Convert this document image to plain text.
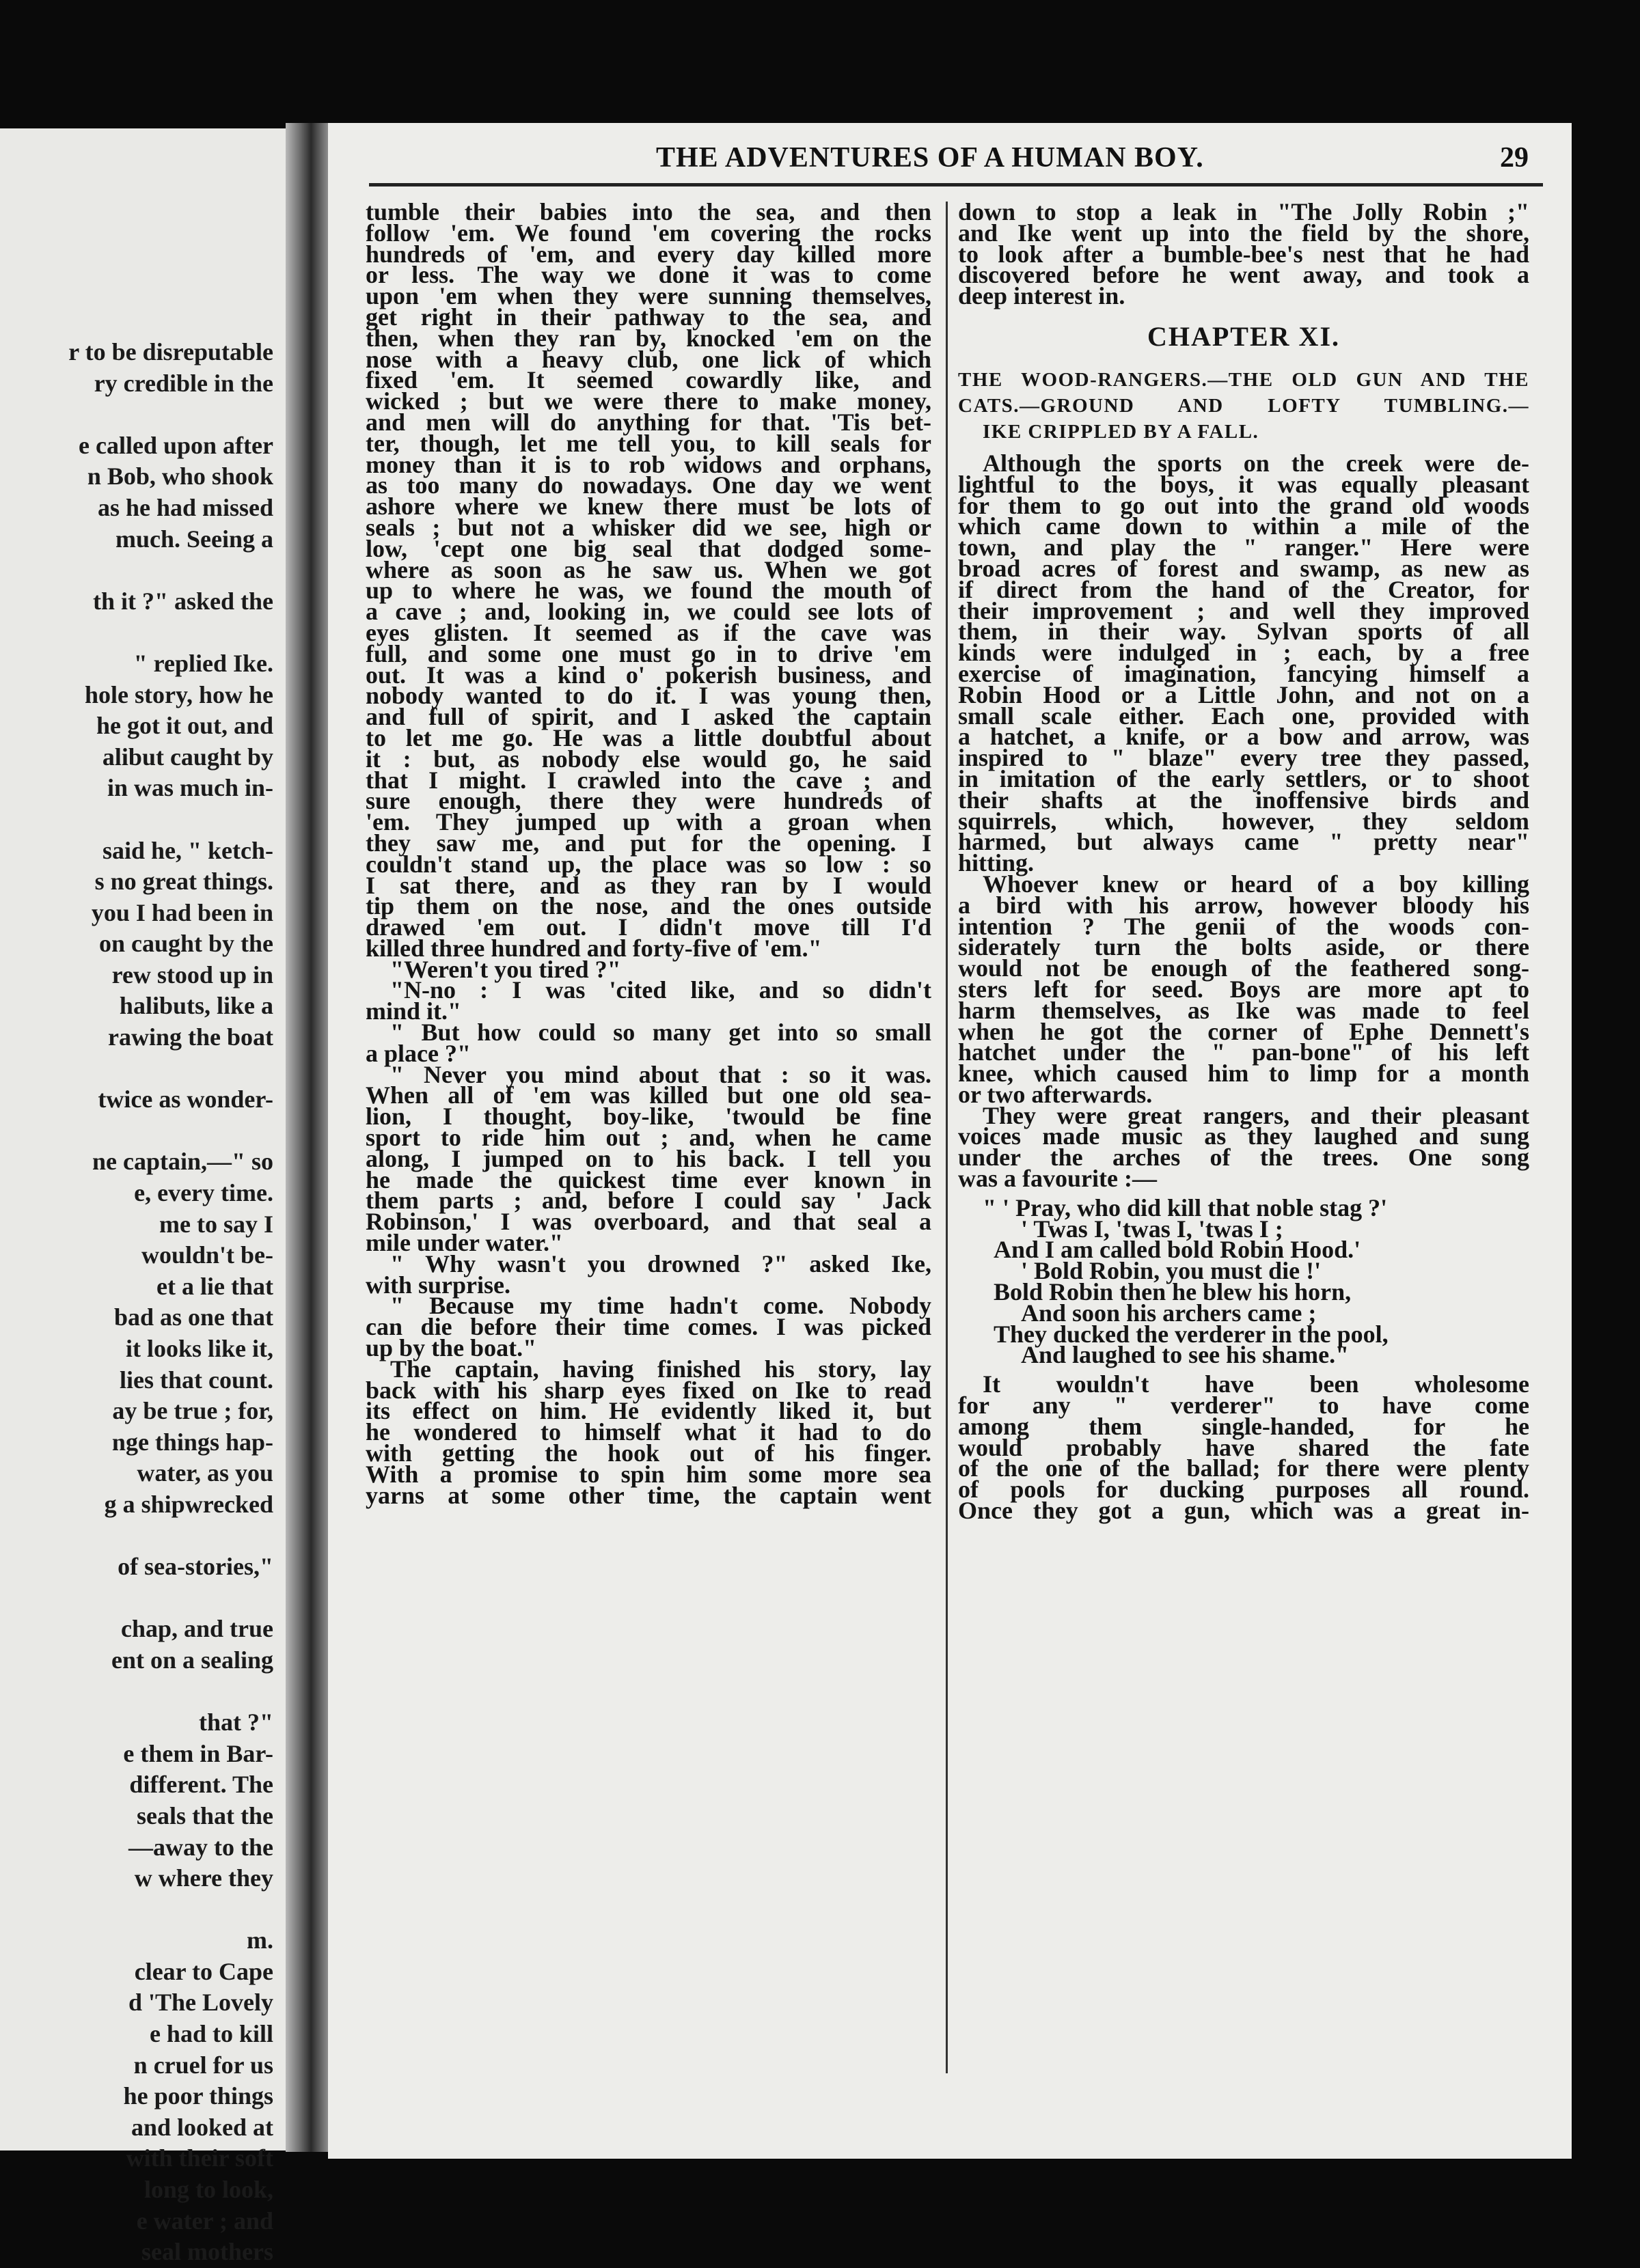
r to be disreputable
ry credible in the
e called upon after
n Bob, who shook
as he had missed
much. Seeing a
th it ?" asked the
" replied Ike.
hole story, how he
he got it out, and
alibut caught by
in was much in-
said he, " ketch-
s no great things.
you I had been in
on caught by the
rew stood up in
halibuts, like a
rawing the boat
twice as wonder-
ne captain,—" so
e, every time.
me to say I
wouldn't be-
et a lie that
bad as one that
it looks like it,
lies that count.
ay be true ; for,
nge things hap-
water, as you
g a shipwrecked
of sea-stories,"
chap, and true
ent on a sealing
that ?"
e them in Bar-
different. The
seals that the
—away to the
w where they
m.
clear to Cape
d 'The Lovely
e had to kill
n cruel for us
he poor things
and looked at
with their soft
long to look,
e water ; and
seal mothers
THE ADVENTURES OF A HUMAN BOY.	29
tumble their babies into the sea, and then
follow 'em. We found 'em covering the rocks
hundreds of 'em, and every day killed more
or less. The way we done it was to come
upon 'em when they were sunning themselves,
get right in their pathway to the sea, and
then, when they ran by, knocked 'em on the
nose with a heavy club, one lick of which
fixed 'em. It seemed cowardly like, and
wicked ; but we were there to make money,
and men will do anything for that. 'Tis bet-
ter, though, let me tell you, to kill seals for
money than it is to rob widows and orphans,
as too many do nowadays. One day we went
ashore where we knew there must be lots of
seals ; but not a whisker did we see, high or
low, 'cept one big seal that dodged some-
where as soon as he saw us. When we got
up to where he was, we found the mouth of
a cave ; and, looking in, we could see lots of
eyes glisten. It seemed as if the cave was
full, and some one must go in to drive 'em
out. It was a kind o' pokerish business, and
nobody wanted to do it. I was young then,
and full of spirit, and I asked the captain
to let me go. He was a little doubtful about
it : but, as nobody else would go, he said
that I might. I crawled into the cave ; and
sure enough, there they were hundreds of
'em. They jumped up with a groan when
they saw me, and put for the opening. I
couldn't stand up, the place was so low : so
I sat there, and as they ran by I would
tip them on the nose, and the ones outside
drawed 'em out. I didn't move till I'd
killed three hundred and forty-five of 'em."
"Weren't you tired ?"
"N-no : I was 'cited like, and so didn't
mind it."
" But how could so many get into so small
a place ?"
" Never you mind about that : so it was.
When all of 'em was killed but one old sea-
lion, I thought, boy-like, 'twould be fine
sport to ride him out ; and, when he came
along, I jumped on to his back. I tell you
he made the quickest time ever known in
them parts ; and, before I could say ' Jack
Robinson,' I was overboard, and that seal a
mile under water."
" Why wasn't you drowned ?" asked Ike,
with surprise.
" Because my time hadn't come. Nobody
can die before their time comes. I was picked
up by the boat."
The captain, having finished his story, lay
back with his sharp eyes fixed on Ike to read
its effect on him. He evidently liked it, but
he wondered to himself what it had to do
with getting the hook out of his finger.
With a promise to spin him some more sea
yarns at some other time, the captain went
down to stop a leak in "The Jolly Robin ;"
and Ike went up into the field by the shore,
to look after a bumble-bee's nest that he had
discovered before he went away, and took a
deep interest in.
CHAPTER XI.
THE WOOD-RANGERS.—THE OLD GUN AND THE
CATS.—GROUND AND LOFTY TUMBLING.—
IKE CRIPPLED BY A FALL.
Although the sports on the creek were de-
lightful to the boys, it was equally pleasant
for them to go out into the grand old woods
which came down to within a mile of the
town, and play the " ranger." Here were
broad acres of forest and swamp, as new as
if direct from the hand of the Creator, for
their improvement ; and well they improved
them, in their way. Sylvan sports of all
kinds were indulged in ; each, by a free
exercise of imagination, fancying himself a
Robin Hood or a Little John, and not on a
small scale either. Each one, provided with
a hatchet, a knife, or a bow and arrow, was
inspired to " blaze" every tree they passed,
in imitation of the early settlers, or to shoot
their shafts at the inoffensive birds and
squirrels, which, however, they seldom
harmed, but always came " pretty near"
hitting.
Whoever knew or heard of a boy killing
a bird with his arrow, however bloody his
intention ? The genii of the woods con-
siderately turn the bolts aside, or there
would not be enough of the feathered song-
sters left for seed. Boys are more apt to
harm themselves, as Ike was made to feel
when he got the corner of Ephe Dennett's
hatchet under the " pan-bone" of his left
knee, which caused him to limp for a month
or two afterwards.
They were great rangers, and their pleasant
voices made music as they laughed and sung
under the arches of the trees. One song
was a favourite :—
" ' Pray, who did kill that noble stag ?'
' Twas I, 'twas I, 'twas I ;
And I am called bold Robin Hood.'
' Bold Robin, you must die !'
Bold Robin then he blew his horn,
And soon his archers came ;
They ducked the verderer in the pool,
And laughed to see his shame."
It wouldn't have been wholesome
for any " verderer" to have come
among them single-handed, for he
would probably have shared the fate
of the one of the ballad; for there were plenty
of pools for ducking purposes all round.
Once they got a gun, which was a great in-
